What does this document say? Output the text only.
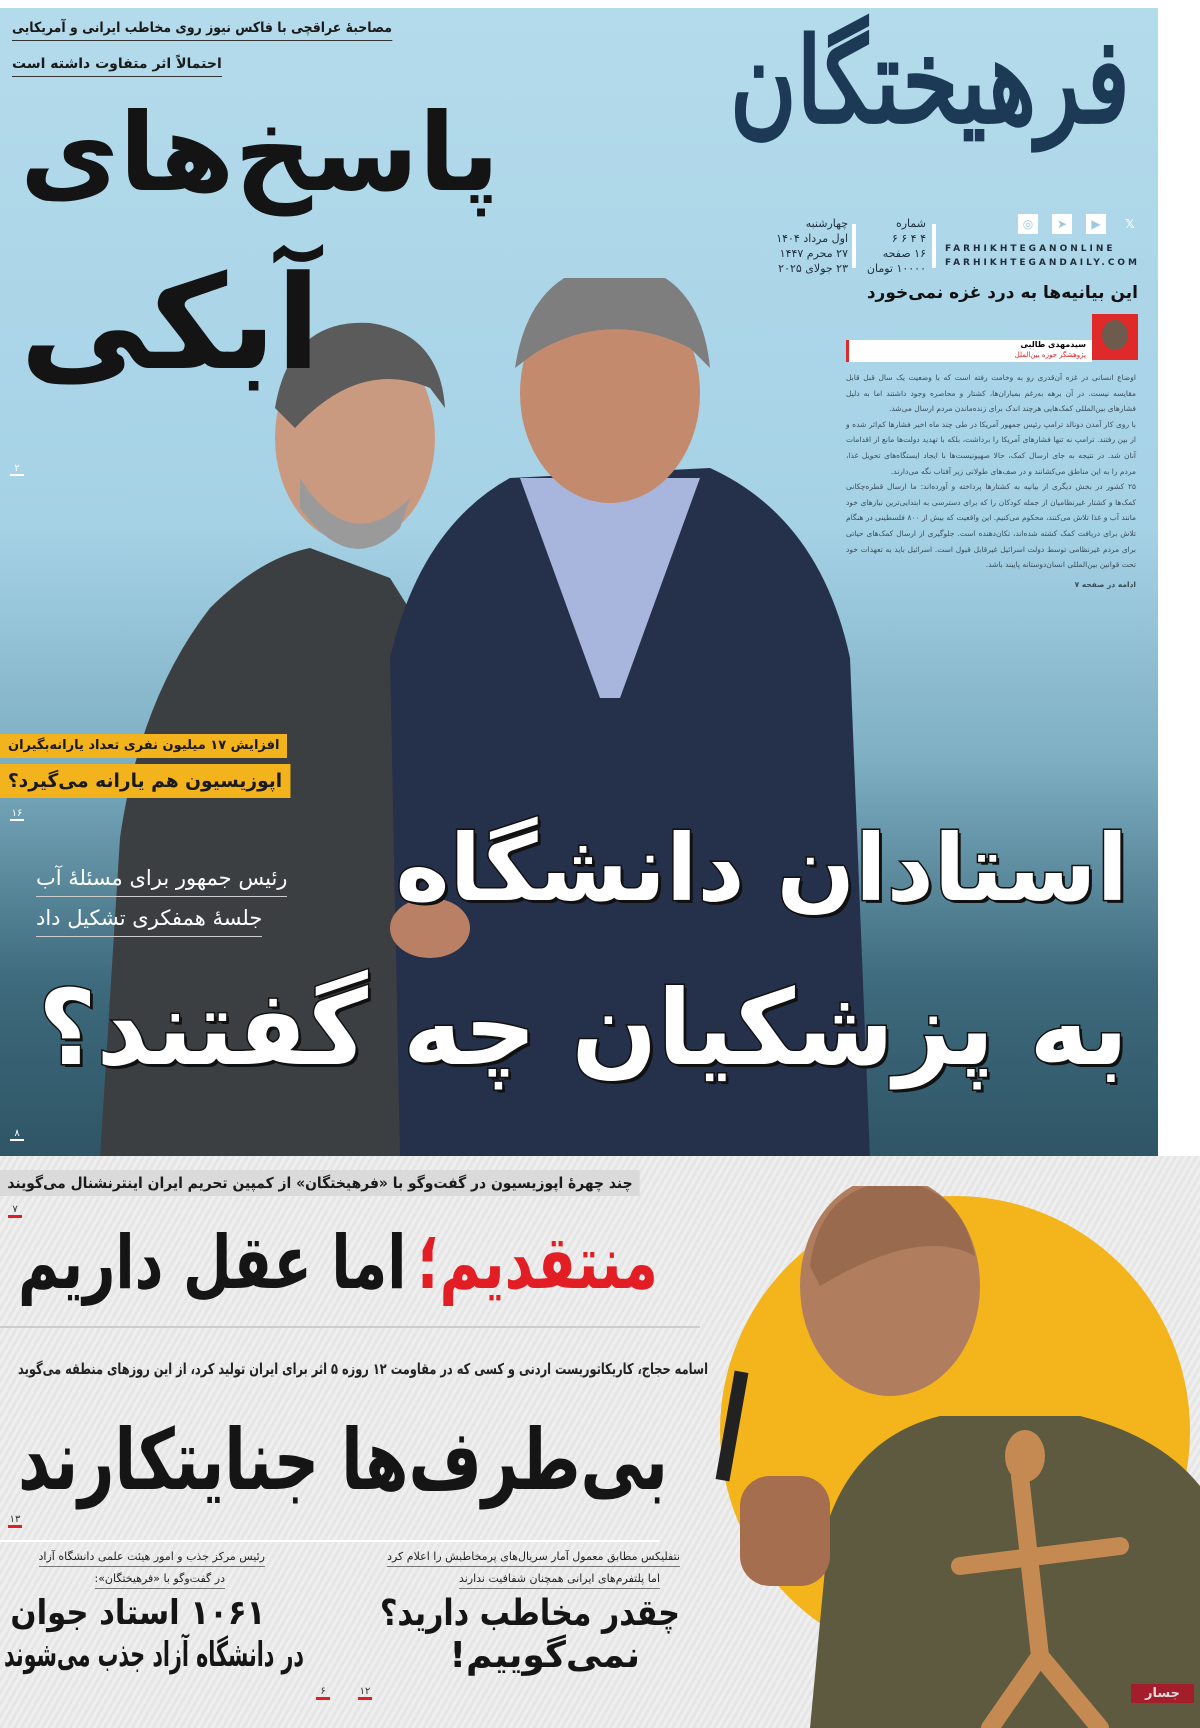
فرهیختگان
چهارشنبه
اول مرداد ۱۴۰۴
۲۷ محرم ۱۴۴۷
۲۳ جولای ۲۰۲۵
شماره
۴ ۴ ۶ ۶
۱۶ صفحه
۱۰۰۰۰ تومان
◎	➤	▶	𝕏
FARHIKHTEGANONLINE
FARHIKHTEGANDAILY.COM
این بیانیه‌ها به درد غزه نمی‌خورد
سیدمهدی طالبی
پژوهشگر حوزه بین‌الملل

اوضاع انسانی در غزه آن‌قدری رو به وخامت رفته است که با وضعیت یک سال قبل قابل مقایسه نیست. در آن برهه به‌رغم بمباران‌ها، کشتار و محاصره وجود داشتند اما به دلیل فشارهای بین‌المللی کمک‌هایی هرچند اندک برای زنده‌ماندن مردم ارسال می‌شد.

با روی کار آمدن دونالد ترامپ رئیس جمهور آمریکا در طی چند ماه اخیر فشارها کم‌اثر شده و از بین رفتند. ترامپ نه تنها فشارهای آمریکا را برداشت، بلکه با تهدید دولت‌ها مانع از اقدامات آنان شد. در نتیجه به جای ارسال کمک، حالا صهیونیست‌ها با ایجاد ایستگاه‌های تحویل غذا، مردم را به این مناطق می‌کشانند و در صف‌های طولانی زیر آفتاب نگه می‌دارند.

۲۵ کشور در بخش دیگری از بیانیه به کشتارها پرداخته و آورده‌اند: ما ارسال قطره‌چکانی کمک‌ها و کشتار غیرنظامیان از جمله کودکان را که برای دسترسی به ابتدایی‌ترین نیازهای خود مانند آب و غذا تلاش می‌کنند، محکوم می‌کنیم. این واقعیت که بیش از ۸۰۰ فلسطینی در هنگام تلاش برای دریافت کمک کشته شده‌اند، تکان‌دهنده است. جلوگیری از ارسال کمک‌های حیاتی برای مردم غیرنظامی توسط دولت اسرائیل غیرقابل قبول است. اسرائیل باید به تعهدات خود تحت قوانین بین‌المللی انسان‌دوستانه پایبند باشد.

ادامه در صفحه ۷

مصاحبهٔ عراقچی با فاکس نیوز روی مخاطب ایرانی و آمریکایی
احتمالاً اثر متفاوت داشته است
پاسخ‌های
آبکی
۲
افزایش ۱۷ میلیون نفری تعداد یارانه‌بگیران
اپوزیسیون هم یارانه می‌گیرد؟
۱۶
رئیس جمهور برای مسئلهٔ آب
جلسهٔ همفکری تشکیل داد استادان دانشگاه
به پزشکیان چه گفتند؟
۸
چند چهرهٔ اپوزیسیون در گفت‌وگو با «فرهیختگان» از کمپین تحریم ایران اینترنشنال می‌گویند
۷
منتقدیم؛
اما عقل داریم
اسامه حجاج، کاریکاتوریست اردنی و کسی که در مقاومت ۱۲ روزه ۵ اثر برای ایران تولید کرد، از این روزهای منطقه می‌گوید
بی‌طرف‌ها جنایتکارند
۱۳
نتفلیکس مطابق معمول آمار سریال‌های پرمخاطبش را اعلام کرد
اما پلتفرم‌های ایرانی همچنان شفافیت ندارند
چقدر مخاطب دارید؟
نمی‌گوییم!
۱۲
رئیس مرکز جذب و امور هیئت علمی دانشگاه آزاد
در گفت‌وگو با «فرهیختگان»:
۱۰۶۱ استاد جوان
در دانشگاه آزاد جذب می‌شوند
۶	جسار
